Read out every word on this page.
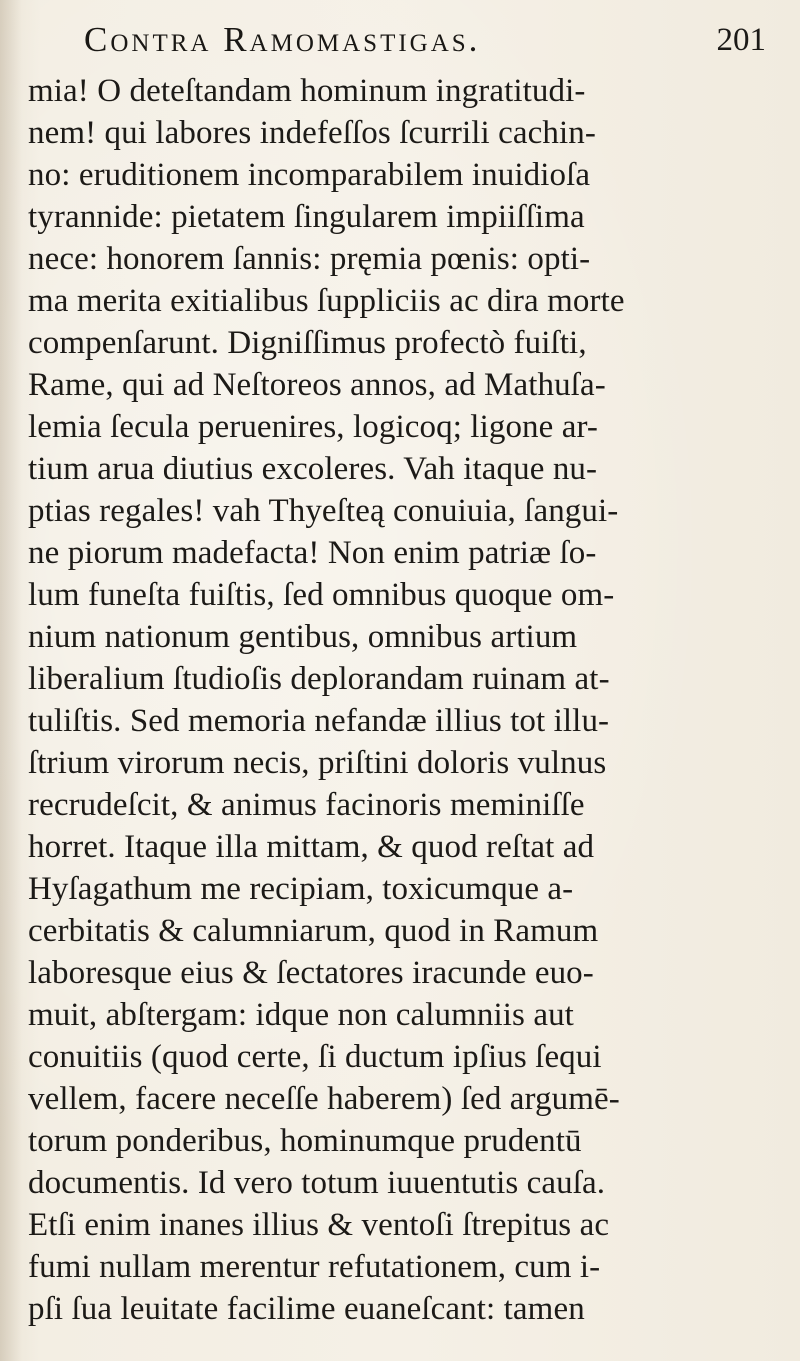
Contra Ramomastigas.	201
mia! O deteſtandam hominum ingratitudi-
nem! qui labores indefeſſos ſcurrili cachin-
no: eruditionem incomparabilem inuidioſa
tyrannide: pietatem ſingularem impiiſſima
nece: honorem ſannis: pręmia pœnis: opti-
ma merita exitialibus ſuppliciis ac dira morte
compenſarunt. Digniſſimus profectò fuiſti,
Rame, qui ad Neſtoreos annos, ad Mathuſa-
lemia ſecula peruenires, logicoq; ligone ar-
tium arua diutius excoleres. Vah itaque nu-
ptias regales! vah Thyeſteą conuiuia, ſangui-
ne piorum madefacta! Non enim patriæ ſo-
lum funeſta fuiſtis, ſed omnibus quoque om-
nium nationum gentibus, omnibus artium
liberalium ſtudioſis deplorandam ruinam at-
tuliſtis. Sed memoria nefandæ illius tot illu-
ſtrium virorum necis, priſtini doloris vulnus
recrudeſcit, & animus facinoris meminiſſe
horret. Itaque illa mittam, & quod reſtat ad
Hyſagathum me recipiam, toxicumque a-
cerbitatis & calumniarum, quod in Ramum
laboresque eius & ſectatores iracunde euo-
muit, abſtergam: idque non calumniis aut
conuitiis (quod certe, ſi ductum ipſius ſequi
vellem, facere neceſſe haberem) ſed argumē-
torum ponderibus, hominumque prudentū
documentis. Id vero totum iuuentutis cauſa.
Etſi enim inanes illius & ventoſi ſtrepitus ac
fumi nullam merentur refutationem, cum i-
pſi ſua leuitate facilime euaneſcant: tamen
